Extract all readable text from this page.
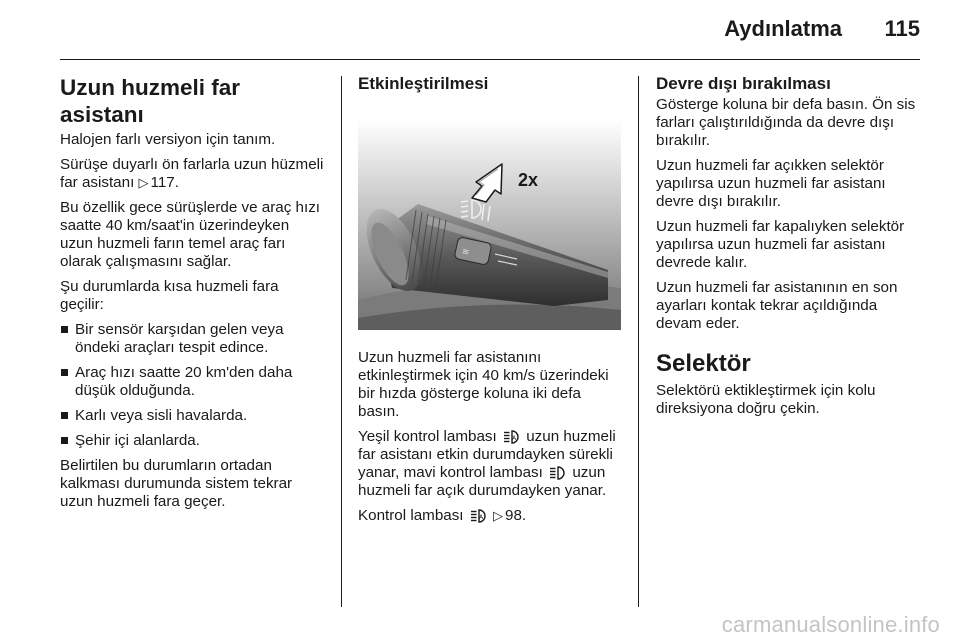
Aydınlatma 115
Uzun huzmeli far asistanı

Halojen farlı versiyon için tanım.

Sürüşe duyarlı ön farlarla uzun hüzmeli far asistanı ▷ 117.

Bu özellik gece sürüşlerde ve araç hızı saatte 40 km/saat'in üzerindeyken uzun huzmeli farın temel araç farı olarak çalışmasını sağlar.

Şu durumlarda kısa huzmeli fara geçilir:

Bir sensör karşıdan gelen veya öndeki araçları tespit edince.
Araç hızı saatte 20 km'den daha düşük olduğunda.
Karlı veya sisli havalarda.
Şehir içi alanlarda.

Belirtilen bu durumların ortadan kalkması durumunda sistem tekrar uzun huzmeli fara geçer.

Etkinleştirilmesi
≡
2x

Uzun huzmeli far asistanını etkinleştirmek için 40 km/s üzerindeki bir hızda gösterge koluna iki defa basın.

Yeşil kontrol lambası	A uzun huzmeli far asistanı etkin durumdayken sürekli yanar, mavi kontrol lambası uzun huzmeli far açık durumdayken yanar.

Kontrol lambası	A ▷ 98.

Devre dışı bırakılması

Gösterge koluna bir defa basın. Ön sis farları çalıştırıldığında da devre dışı bırakılır.

Uzun huzmeli far açıkken selektör yapılırsa uzun huzmeli far asistanı devre dışı bırakılır.

Uzun huzmeli far kapalıyken selektör yapılırsa uzun huzmeli far asistanı devrede kalır.

Uzun huzmeli far asistanının en son ayarları kontak tekrar açıldığında devam eder.

Selektör

Selektörü ektikleştirmek için kolu direksiyona doğru çekin.

carmanualsonline.info
